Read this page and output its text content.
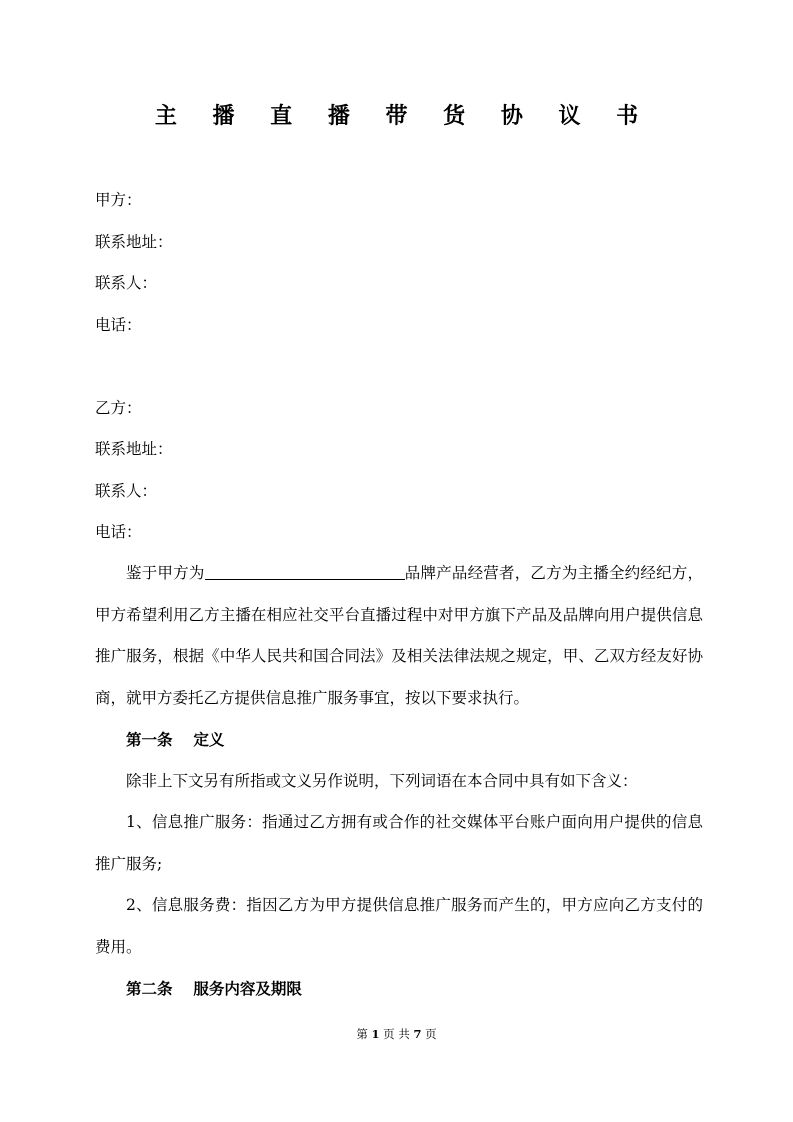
主 播 直 播 带 货 协 议 书
甲方：
联系地址：
联系人：
电话：
乙方：
联系地址：
联系人：
电话：
鉴于甲方为	品牌产品经营者，乙方为主播全约经纪方，甲方希望利用乙方主播在相应社交平台直播过程中对甲方旗下产品及品牌向用户提供信息推广服务，根据《中华人民共和国合同法》及相关法律法规之规定，甲、乙双方经友好协商，就甲方委托乙方提供信息推广服务事宜，按以下要求执行。
第一条　 定义
除非上下文另有所指或文义另作说明，下列词语在本合同中具有如下含义：
1、信息推广服务：指通过乙方拥有或合作的社交媒体平台账户面向用户提供的信息推广服务;
2、信息服务费：指因乙方为甲方提供信息推广服务而产生的，甲方应向乙方支付的费用。
第二条　 服务内容及期限
第 1 页 共 7 页
